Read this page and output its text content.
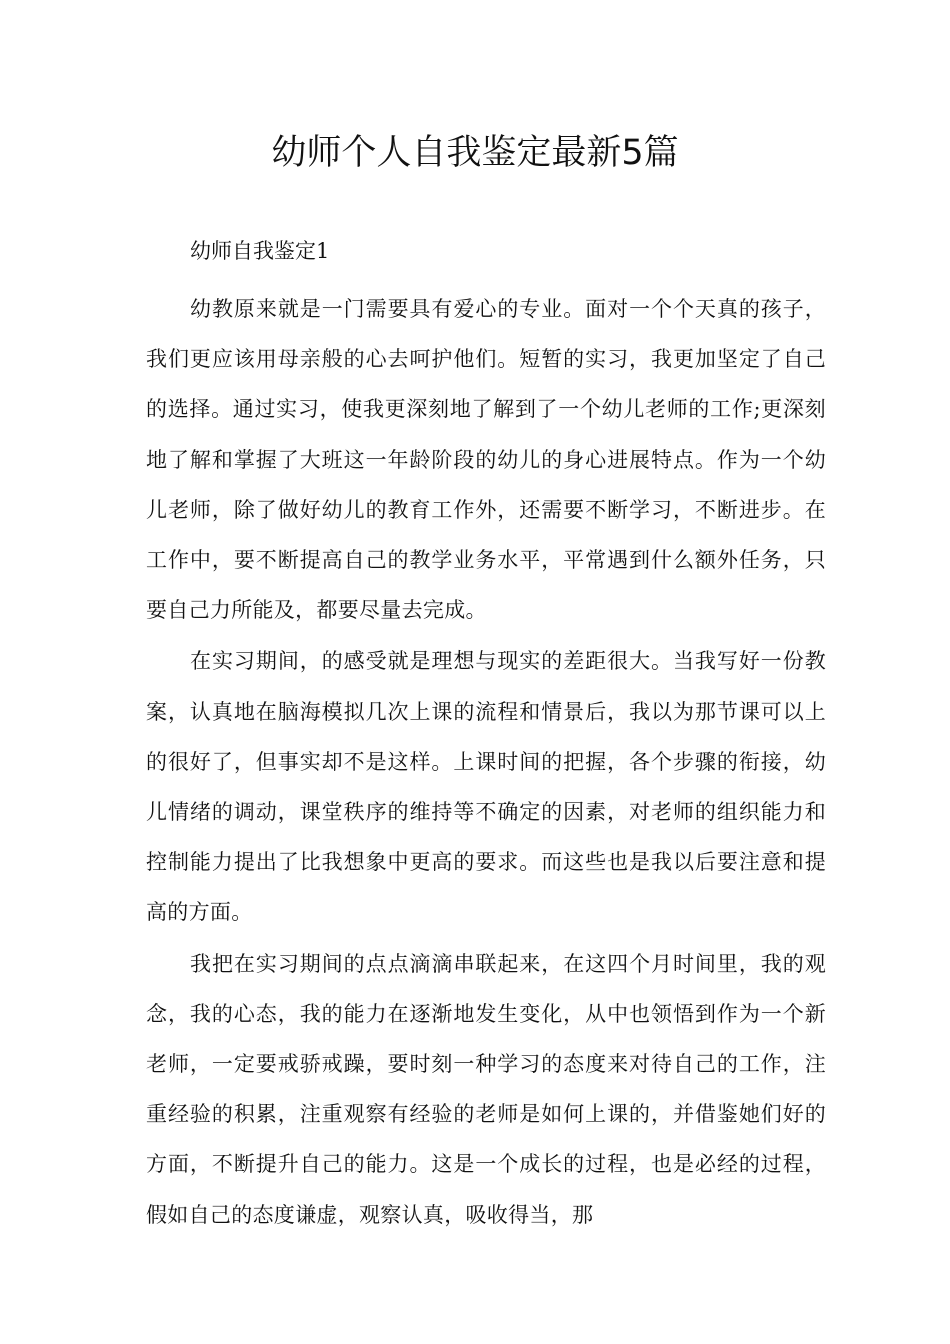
幼师个人自我鉴定最新5篇
幼师自我鉴定1

幼教原来就是一门需要具有爱心的专业。面对一个个天真的孩子，我们更应该用母亲般的心去呵护他们。短暂的实习，我更加坚定了自己的选择。通过实习，使我更深刻地了解到了一个幼儿老师的工作;更深刻地了解和掌握了大班这一年龄阶段的幼儿的身心进展特点。作为一个幼儿老师，除了做好幼儿的教育工作外，还需要不断学习，不断进步。在工作中，要不断提高自己的教学业务水平，平常遇到什么额外任务，只要自己力所能及，都要尽量去完成。

在实习期间，的感受就是理想与现实的差距很大。当我写好一份教案，认真地在脑海模拟几次上课的流程和情景后，我以为那节课可以上的很好了，但事实却不是这样。上课时间的把握，各个步骤的衔接，幼儿情绪的调动，课堂秩序的维持等不确定的因素，对老师的组织能力和控制能力提出了比我想象中更高的要求。而这些也是我以后要注意和提高的方面。

我把在实习期间的点点滴滴串联起来，在这四个月时间里，我的观念，我的心态，我的能力在逐渐地发生变化，从中也领悟到作为一个新老师，一定要戒骄戒躁，要时刻一种学习的态度来对待自己的工作，注重经验的积累，注重观察有经验的老师是如何上课的，并借鉴她们好的方面，不断提升自己的能力。这是一个成长的过程，也是必经的过程，假如自己的态度谦虚，观察认真，吸收得当，那
